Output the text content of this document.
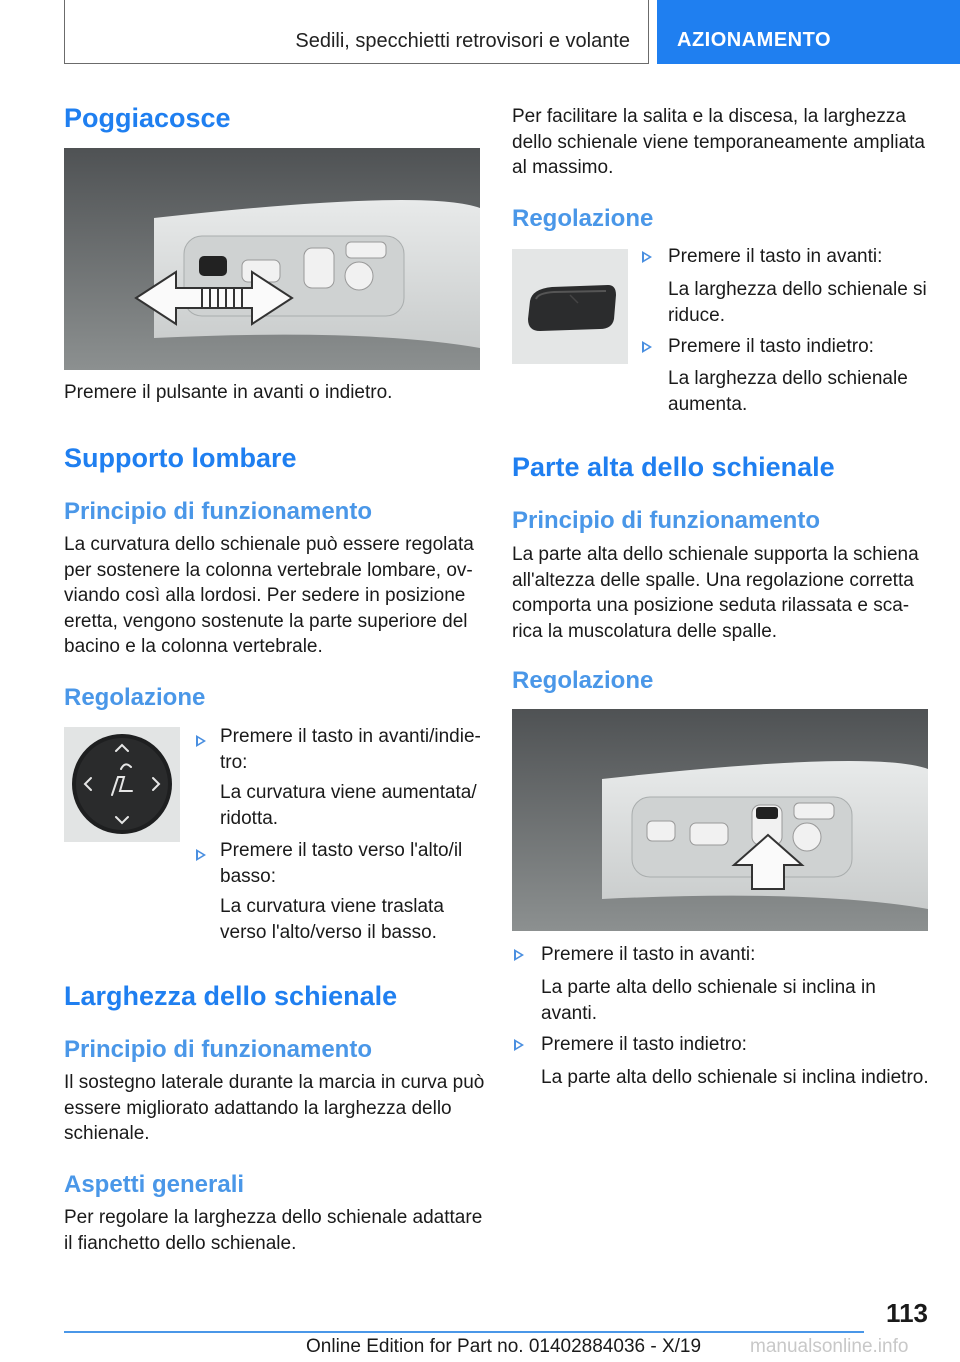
Sedili, specchietti retrovisori e volante AZIONAMENTO
Poggiacosce

Premere il pulsante in avanti o indietro.

Supporto lombare
Principio di funzionamento

La curvatura dello schienale può essere regolata

per sostenere la colonna vertebrale lombare, ov-

viando così alla lordosi. Per sedere in posizione

eretta, vengono sostenute la parte superiore del

bacino e la colonna vertebrale.

Regolazione

Premere il tasto in avanti/indie-

tro:

La curvatura viene aumentata/

ridotta.

Premere il tasto verso l'alto/il

basso:

La curvatura viene traslata

verso l'alto/verso il basso.

Larghezza dello schienale
Principio di funzionamento

Il sostegno laterale durante la marcia in curva può

essere migliorato adattando la larghezza dello

schienale.

Aspetti generali

Per regolare la larghezza dello schienale adattare

il fianchetto dello schienale.

Per facilitare la salita e la discesa, la larghezza

dello schienale viene temporaneamente ampliata

al massimo.

Regolazione

Premere il tasto in avanti:

La larghezza dello schienale si

riduce.

Premere il tasto indietro:

La larghezza dello schienale

aumenta.

Parte alta dello schienale
Principio di funzionamento

La parte alta dello schienale supporta la schiena

all'altezza delle spalle. Una regolazione corretta

comporta una posizione seduta rilassata e sca-

rica la muscolatura delle spalle.

Regolazione

Premere il tasto in avanti:

La parte alta dello schienale si inclina in

avanti.

Premere il tasto indietro:

La parte alta dello schienale si inclina indietro.

113
Online Edition for Part no. 01402884036 - X/19	manualsonline.info
